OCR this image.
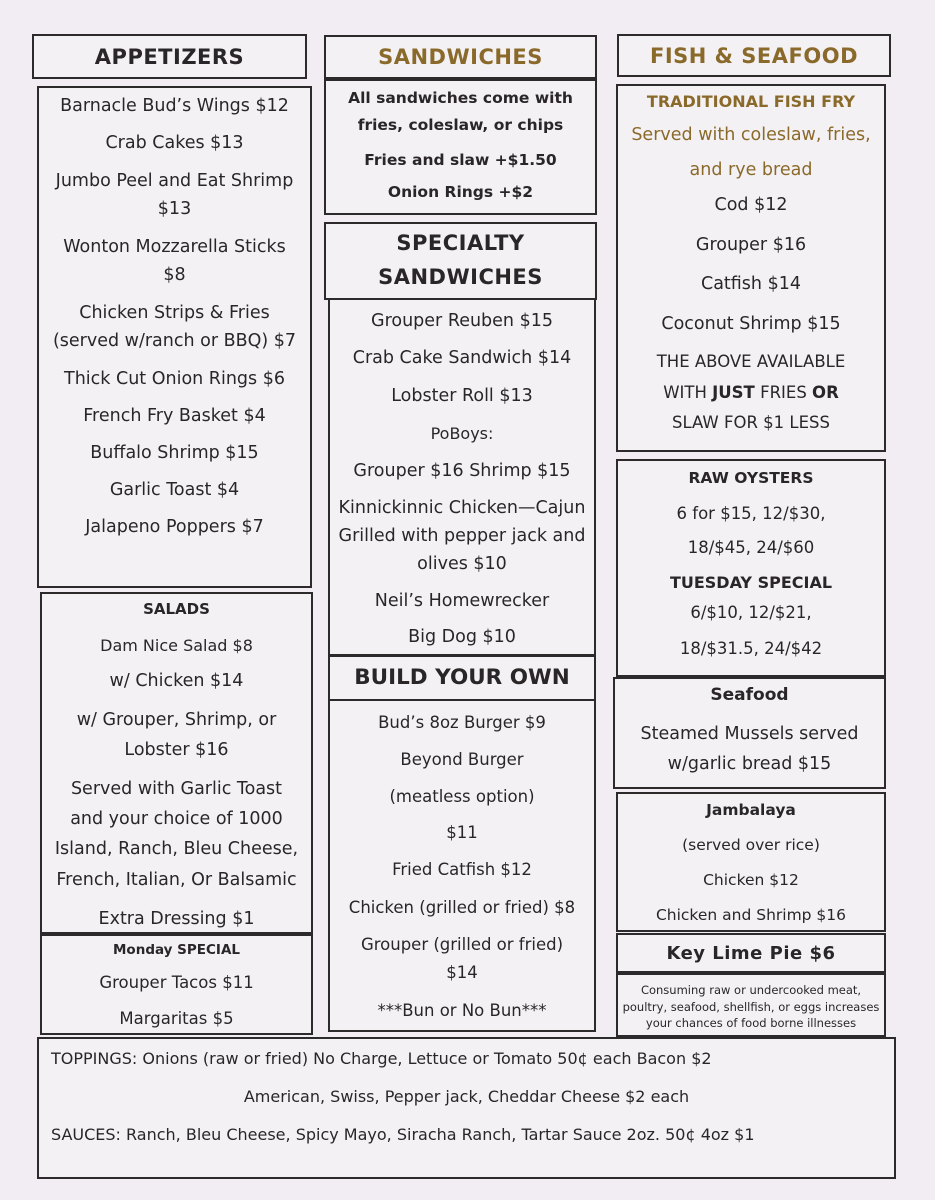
APPETIZERS
Barnacle Bud’s Wings $12
Crab Cakes $13
Jumbo Peel and Eat Shrimp
$13
Wonton Mozzarella Sticks
$8
Chicken Strips & Fries
(served w/ranch or BBQ) $7
Thick Cut Onion Rings $6
French Fry Basket $4
Buffalo Shrimp $15
Garlic Toast $4
Jalapeno Poppers $7
SALADS
Dam Nice Salad $8
w/ Chicken $14
w/ Grouper, Shrimp, or
Lobster $16
Served with Garlic Toast
and your choice of 1000
Island, Ranch, Bleu Cheese,
French, Italian, Or Balsamic
Extra Dressing $1
Monday SPECIAL
Grouper Tacos $11
Margaritas $5
SANDWICHES
All sandwiches come with
fries, coleslaw, or chips
Fries and slaw +$1.50
Onion Rings +$2
SPECIALTY
SANDWICHES
Grouper Reuben $15
Crab Cake Sandwich $14
Lobster Roll $13
PoBoys:
Grouper $16 Shrimp $15
Kinnickinnic Chicken—Cajun
Grilled with pepper jack and
olives $10
Neil’s Homewrecker
Big Dog $10
BUILD YOUR OWN
Bud’s 8oz Burger $9
Beyond Burger
(meatless option)
$11
Fried Catfish $12
Chicken (grilled or fried) $8
Grouper (grilled or fried)
$14
***Bun or No Bun***
FISH & SEAFOOD
TRADITIONAL FISH FRY
Served with coleslaw, fries,
and rye bread
Cod $12
Grouper $16
Catfish $14
Coconut Shrimp $15
THE ABOVE AVAILABLE
WITH JUST FRIES OR
SLAW FOR $1 LESS
RAW OYSTERS
6 for $15, 12/$30,
18/$45, 24/$60
TUESDAY SPECIAL
6/$10, 12/$21,
18/$31.5, 24/$42
Seafood
Steamed Mussels served
w/garlic bread $15
Jambalaya
(served over rice)
Chicken $12
Chicken and Shrimp $16
Key Lime Pie $6
Consuming raw or undercooked meat,
poultry, seafood, shellfish, or eggs increases
your chances of food borne illnesses
TOPPINGS: Onions (raw or fried) No Charge, Lettuce or Tomato 50¢ each Bacon $2
American, Swiss, Pepper jack, Cheddar Cheese $2 each
SAUCES: Ranch, Bleu Cheese, Spicy Mayo, Siracha Ranch, Tartar Sauce 2oz. 50¢ 4oz $1
